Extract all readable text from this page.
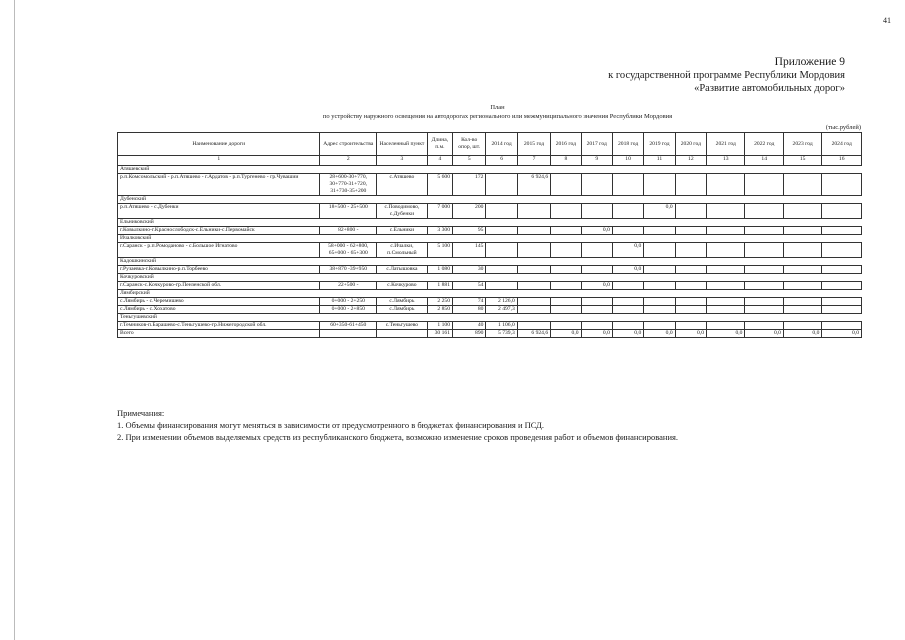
41
Приложение 9
к государственной программе Республики Мордовия
«Развитие автомобильных дорог»
План
по устройству наружного освещения на автодорогах регионального или межмуниципального значения Республики Мордовия
(тыс.рублей)
Наименование дороги	Адрес строительства	Населенный пункт	Длина, п.м.	Кол-во опор, шт.	2014 год	2015 год	2016 год	2017 год	2018 год	2019 год	2020 год	2021 год	2022 год	2023 год	2024 год
1	2	3	4	5	6	7	8	9	10	11	12	13	14	15	16
Атяшевский															
р.п.Комсомольский - р.п.Атяшево - г.Ардатов - р.п.Тургенево - гр.Чувашии	28+600-30+770, 30+770-31+720, 31+730-35+200	с.Атяшево	5 600	172		6 924,6									
Дубенский															
р.п.Атяшево - с.Дубенки	18+500 - 25+500	с.Поводимово, с.Дубенки	7 000	200						0,0					
Ельниковский															
г.Ковылкино-г.Краснослободск-с.Ельники-с.Первомайск	82+800 -	с.Ельники	3 300	95				0,0							
Ичалковский															
г.Саранск - р.п.Ромоданово - с.Большое Игнатово	58+000 - 62+800, 65+000 - 65+300	с.Ичалки, п.Смольный	5 100	145					0,0						
Кадошкинский															
г.Рузаевка-г.Ковылкино-р.п.Торбеево	38+870 -39+950	с.Латышовка	1 080	30					0,0						
Кочкуровский															
г.Саранск-с.Кочкурово-гр.Пензенской обл.	22+500 -	с.Кочкурово	1 881	54				0,0							
Лямбирский															
с.Лямбирь - с.Черемишево	0+000 - 2+250	с.Лямбирь	2 250	74	2 126,0										
с.Лямбирь - с.Хохатово	0+000 - 2+850	с.Лямбирь	2 850	80	2 497,3										
Теньгушевский															
г.Темников-п.Барашево-с.Теньгушево-гр.Нижегородской обл.	60+350-61+450	с.Теньгушево	1 100	40	1 106,0										
Всего			30 161	890	5 739,3	6 924,6	0,0	0,0	0,0	0,0	0,0	0,0	0,0	0,0	0,0
Примечания:
1. Объемы финансирования могут меняться в зависимости от предусмотренного в бюджетах финансирования и ПСД.
2. При изменении объемов выделяемых средств из республиканского бюджета, возможно изменение сроков проведения работ и объемов финансирования.
